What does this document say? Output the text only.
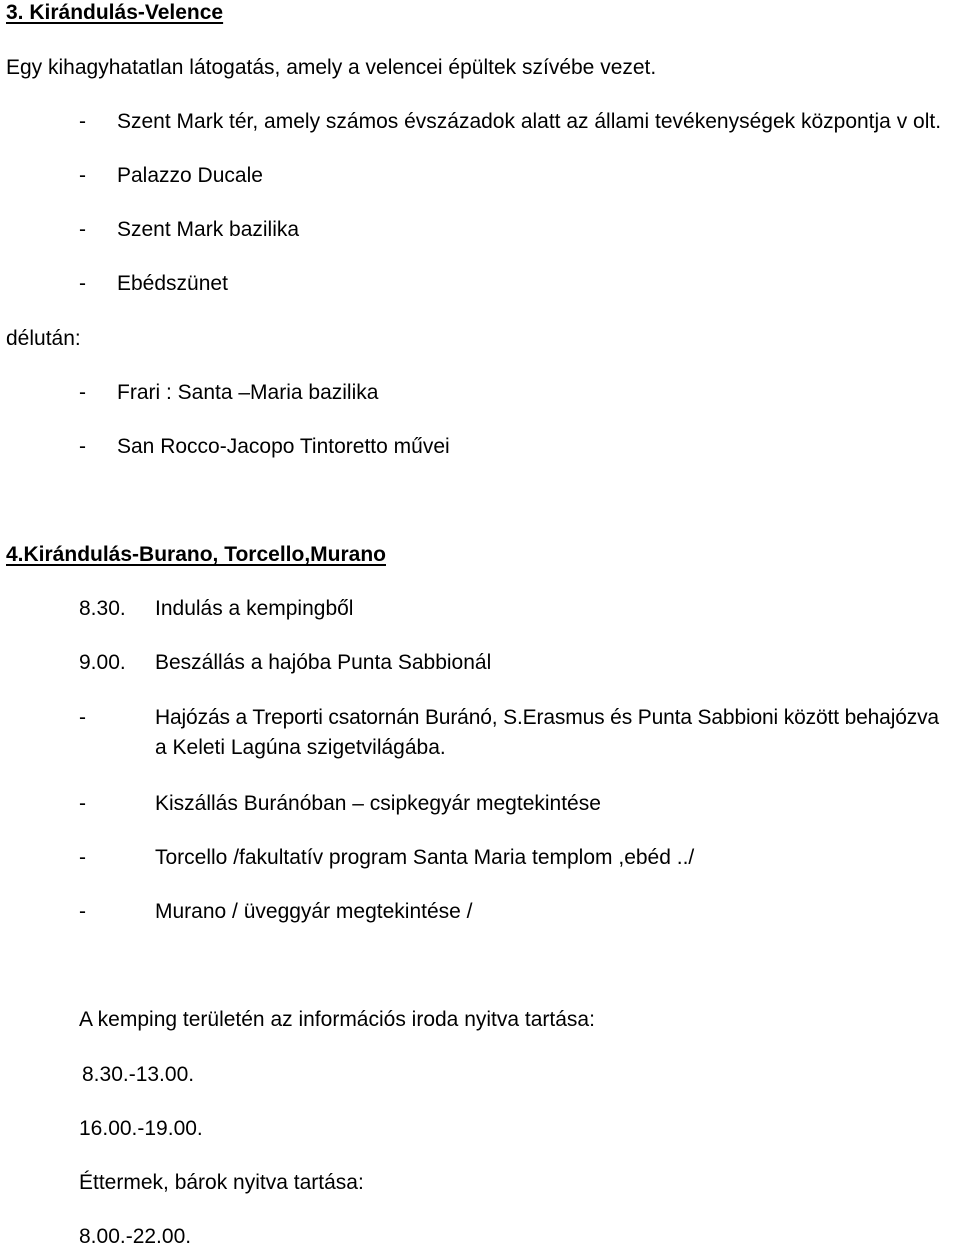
3. Kirándulás-Velence
Egy kihagyhatatlan látogatás, amely a velencei épültek szívébe vezet.
- Szent Mark tér, amely számos évszázadok alatt az állami tevékenységek központja v olt.
- Palazzo Ducale
- Szent Mark bazilika
- Ebédszünet
délután:
- Frari : Santa –Maria bazilika
- San Rocco-Jacopo Tintoretto művei
4.Kirándulás-Burano, Torcello,Murano
8.30. Indulás a kempingből
9.00. Beszállás a hajóba Punta Sabbionál
-	Hajózás a Treporti csatornán Buránó, S.Erasmus és Punta Sabbioni között behajózva
a Keleti Lagúna szigetvilágába.
-	Kiszállás Buránóban – csipkegyár megtekintése
-	Torcello /fakultatív program Santa Maria templom ,ebéd ../
-	Murano / üveggyár megtekintése /
A kemping területén az információs iroda nyitva tartása:
8.30.-13.00.
16.00.-19.00.
Éttermek, bárok nyitva tartása:
8.00.-22.00.
